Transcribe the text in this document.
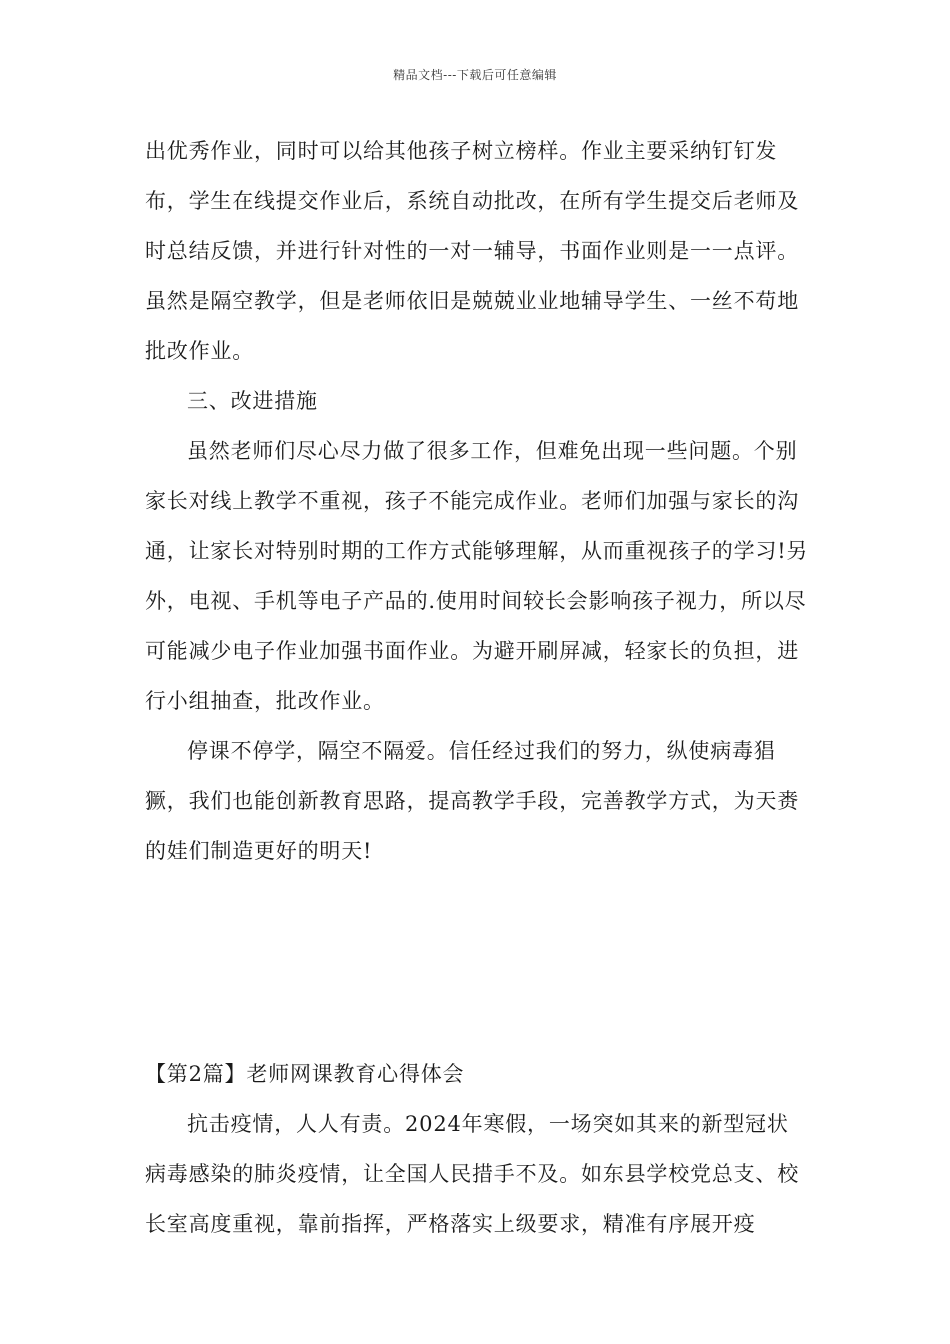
精品文档---下载后可任意编辑

出优秀作业，同时可以给其他孩子树立榜样。作业主要采纳钉钉发布，学生在线提交作业后，系统自动批改，在所有学生提交后老师及时总结反馈，并进行针对性的一对一辅导，书面作业则是一一点评。虽然是隔空教学，但是老师依旧是兢兢业业地辅导学生、一丝不苟地批改作业。

三、改进措施

虽然老师们尽心尽力做了很多工作，但难免出现一些问题。个别家长对线上教学不重视，孩子不能完成作业。老师们加强与家长的沟通，让家长对特别时期的工作方式能够理解，从而重视孩子的学习!另外，电视、手机等电子产品的.使用时间较长会影响孩子视力，所以尽可能减少电子作业加强书面作业。为避开刷屏减，轻家长的负担，进行小组抽查，批改作业。

停课不停学，隔空不隔爱。信任经过我们的努力，纵使病毒猖獗，我们也能创新教育思路，提高教学手段，完善教学方式，为天赉的娃们制造更好的明天!

【第2篇】老师网课教育心得体会

抗击疫情，人人有责。2024年寒假，一场突如其来的新型冠状病毒感染的肺炎疫情，让全国人民措手不及。如东县学校党总支、校长室高度重视，靠前指挥，严格落实上级要求，精准有序展开疫
